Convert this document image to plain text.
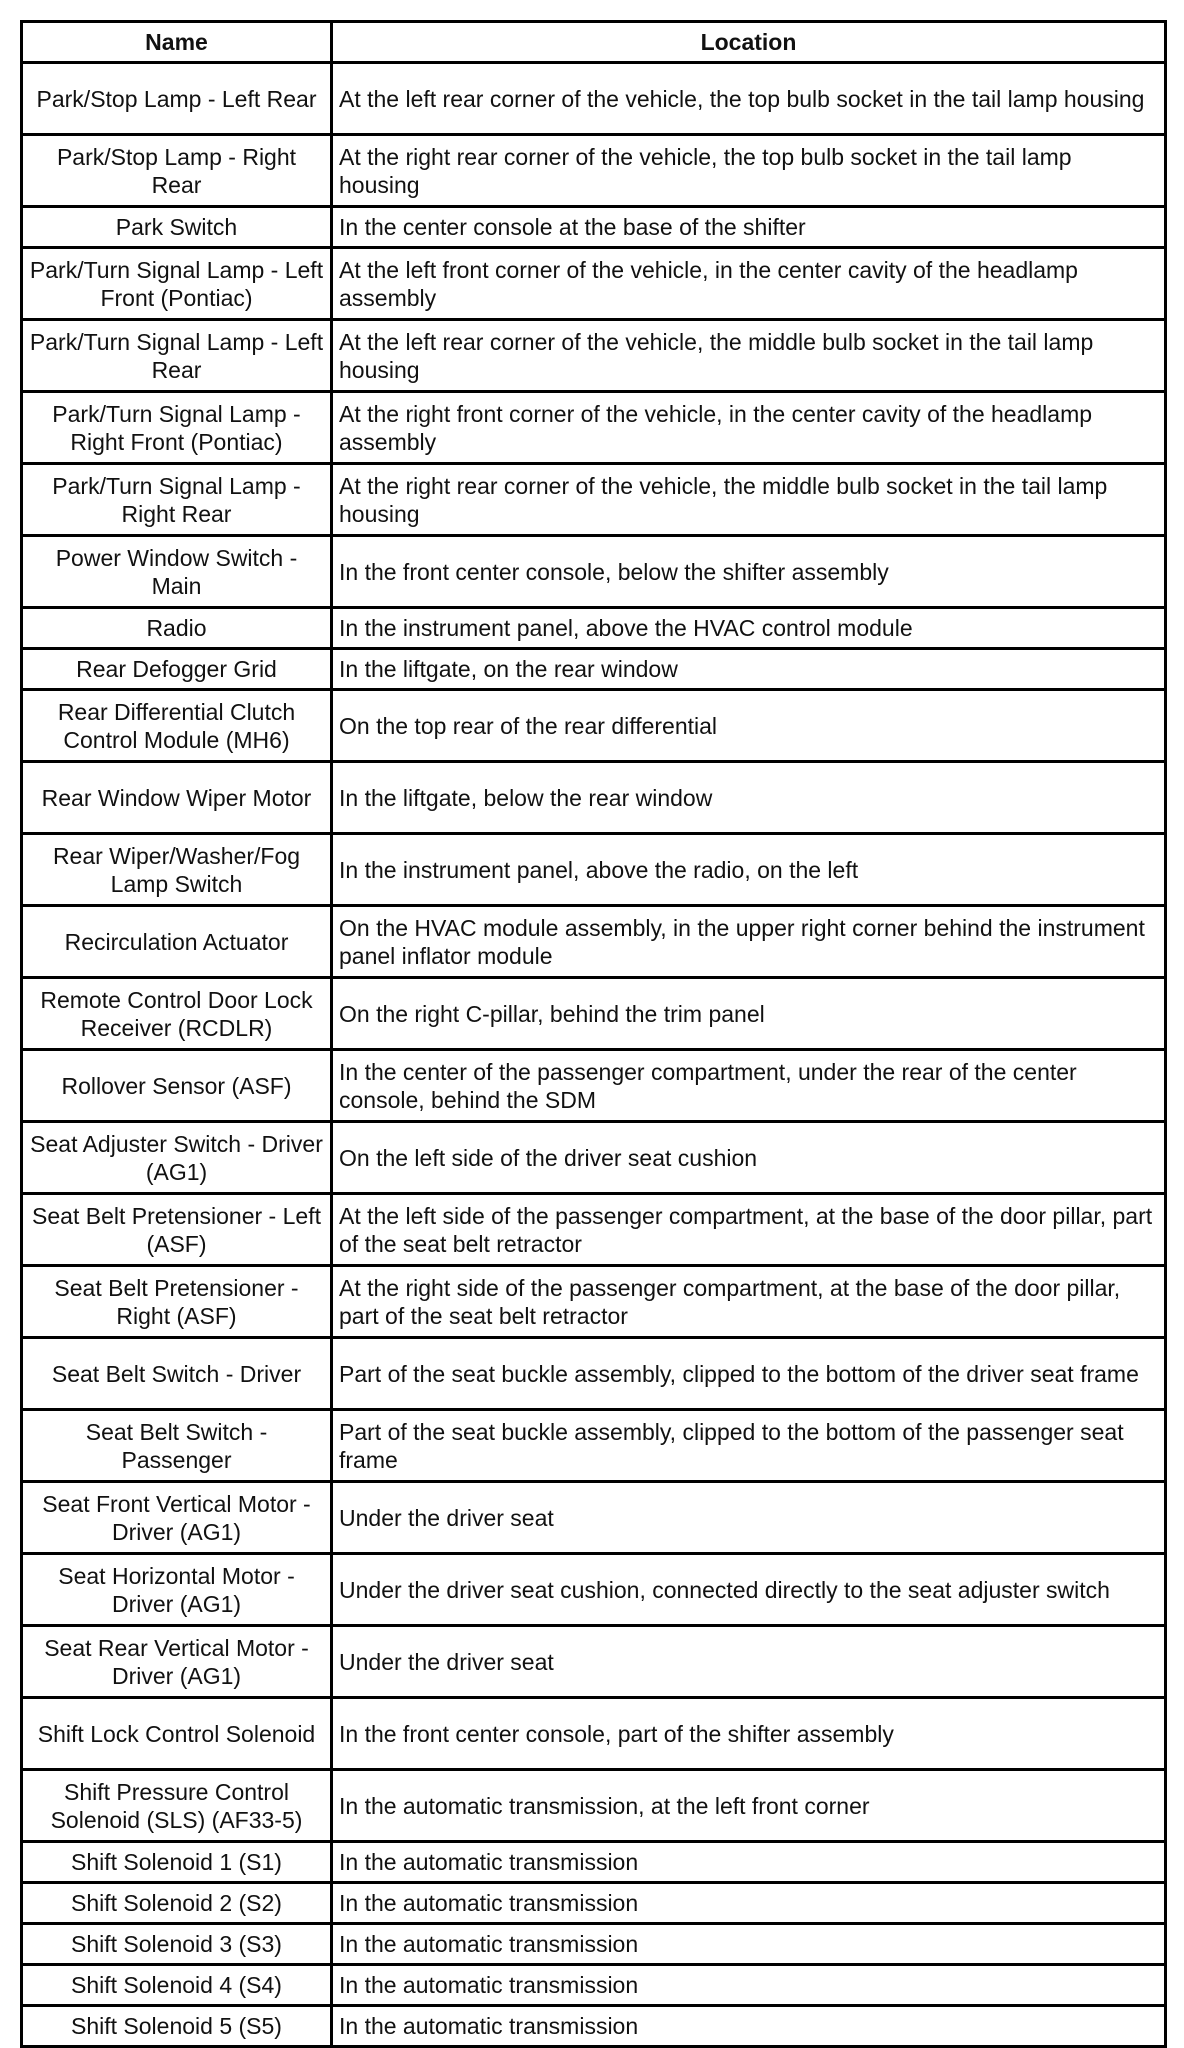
Name	Location
Park/Stop Lamp - Left Rear	At the left rear corner of the vehicle, the top bulb socket in the tail lamp housing
Park/Stop Lamp - Right Rear	At the right rear corner of the vehicle, the top bulb socket in the tail lamp housing
Park Switch	In the center console at the base of the shifter
Park/Turn Signal Lamp - Left Front (Pontiac)	At the left front corner of the vehicle, in the center cavity of the headlamp assembly
Park/Turn Signal Lamp - Left Rear	At the left rear corner of the vehicle, the middle bulb socket in the tail lamp housing
Park/Turn Signal Lamp - Right Front (Pontiac)	At the right front corner of the vehicle, in the center cavity of the headlamp assembly
Park/Turn Signal Lamp - Right Rear	At the right rear corner of the vehicle, the middle bulb socket in the tail lamp housing
Power Window Switch - Main	In the front center console, below the shifter assembly
Radio	In the instrument panel, above the HVAC control module
Rear Defogger Grid	In the liftgate, on the rear window
Rear Differential Clutch Control Module (MH6)	On the top rear of the rear differential
Rear Window Wiper Motor	In the liftgate, below the rear window
Rear Wiper/Washer/Fog Lamp Switch	In the instrument panel, above the radio, on the left
Recirculation Actuator	On the HVAC module assembly, in the upper right corner behind the instrument panel inflator module
Remote Control Door Lock Receiver (RCDLR)	On the right C-pillar, behind the trim panel
Rollover Sensor (ASF)	In the center of the passenger compartment, under the rear of the center console, behind the SDM
Seat Adjuster Switch - Driver (AG1)	On the left side of the driver seat cushion
Seat Belt Pretensioner - Left (ASF)	At the left side of the passenger compartment, at the base of the door pillar, part of the seat belt retractor
Seat Belt Pretensioner - Right (ASF)	At the right side of the passenger compartment, at the base of the door pillar, part of the seat belt retractor
Seat Belt Switch - Driver	Part of the seat buckle assembly, clipped to the bottom of the driver seat frame
Seat Belt Switch - Passenger	Part of the seat buckle assembly, clipped to the bottom of the passenger seat frame
Seat Front Vertical Motor - Driver (AG1)	Under the driver seat
Seat Horizontal Motor - Driver (AG1)	Under the driver seat cushion, connected directly to the seat adjuster switch
Seat Rear Vertical Motor - Driver (AG1)	Under the driver seat
Shift Lock Control Solenoid	In the front center console, part of the shifter assembly
Shift Pressure Control Solenoid (SLS) (AF33-5)	In the automatic transmission, at the left front corner
Shift Solenoid 1 (S1)	In the automatic transmission
Shift Solenoid 2 (S2)	In the automatic transmission
Shift Solenoid 3 (S3)	In the automatic transmission
Shift Solenoid 4 (S4)	In the automatic transmission
Shift Solenoid 5 (S5)	In the automatic transmission
